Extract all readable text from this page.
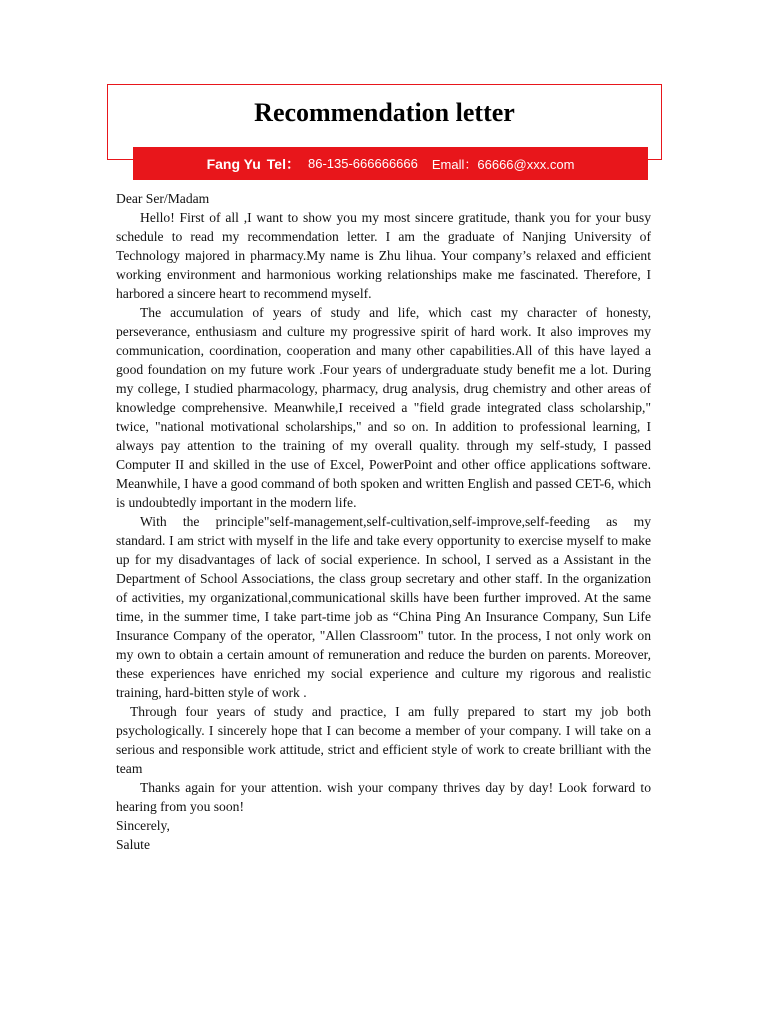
Recommendation letter
Fang Yu Tel： 86-135-666666666 Emall：66666@xxx.com

Dear Ser/Madam

Hello! First of all ,I want to show you my most sincere gratitude, thank you for your busy schedule to read my recommendation letter. I am the graduate of Nanjing University of Technology majored in pharmacy.My name is Zhu lihua. Your company’s relaxed and efficient working environment and harmonious working relationships make me fascinated. Therefore, I harbored a sincere heart to recommend myself.

The accumulation of years of study and life, which cast my character of honesty, perseverance, enthusiasm and culture my progressive spirit of hard work. It also improves my communication, coordination, cooperation and many other capabilities.All of this have layed a good foundation on my future work .Four years of undergraduate study benefit me a lot. During my college, I studied pharmacology, pharmacy, drug analysis, drug chemistry and other areas of knowledge comprehensive. Meanwhile,I received a "field grade integrated class scholarship," twice, "national motivational scholarships," and so on. In addition to professional learning, I always pay attention to the training of my overall quality. through my self-study, I passed Computer II and skilled in the use of Excel, PowerPoint and other office applications software. Meanwhile, I have a good command of both spoken and written English and passed CET-6, which is undoubtedly important in the modern life.

With the principle"self-management,self-cultivation,self-improve,self-feeding as my standard. I am strict with myself in the life and take every opportunity to exercise myself to make up for my disadvantages of lack of social experience. In school, I served as a Assistant in the Department of School Associations, the class group secretary and other staff. In the organization of activities, my organizational,communicational skills have been further improved. At the same time, in the summer time, I take part-time job as “China Ping An Insurance Company, Sun Life Insurance Company of the operator, "Allen Classroom" tutor. In the process, I not only work on my own to obtain a certain amount of remuneration and reduce the burden on parents. Moreover, these experiences have enriched my social experience and culture my rigorous and realistic training, hard-bitten style of work .

Through four years of study and practice, I am fully prepared to start my job both psychologically. I sincerely hope that I can become a member of your company. I will take on a serious and responsible work attitude, strict and efficient style of work to create brilliant with the team

Thanks again for your attention. wish your company thrives day by day! Look forward to hearing from you soon!

Sincerely,

Salute
